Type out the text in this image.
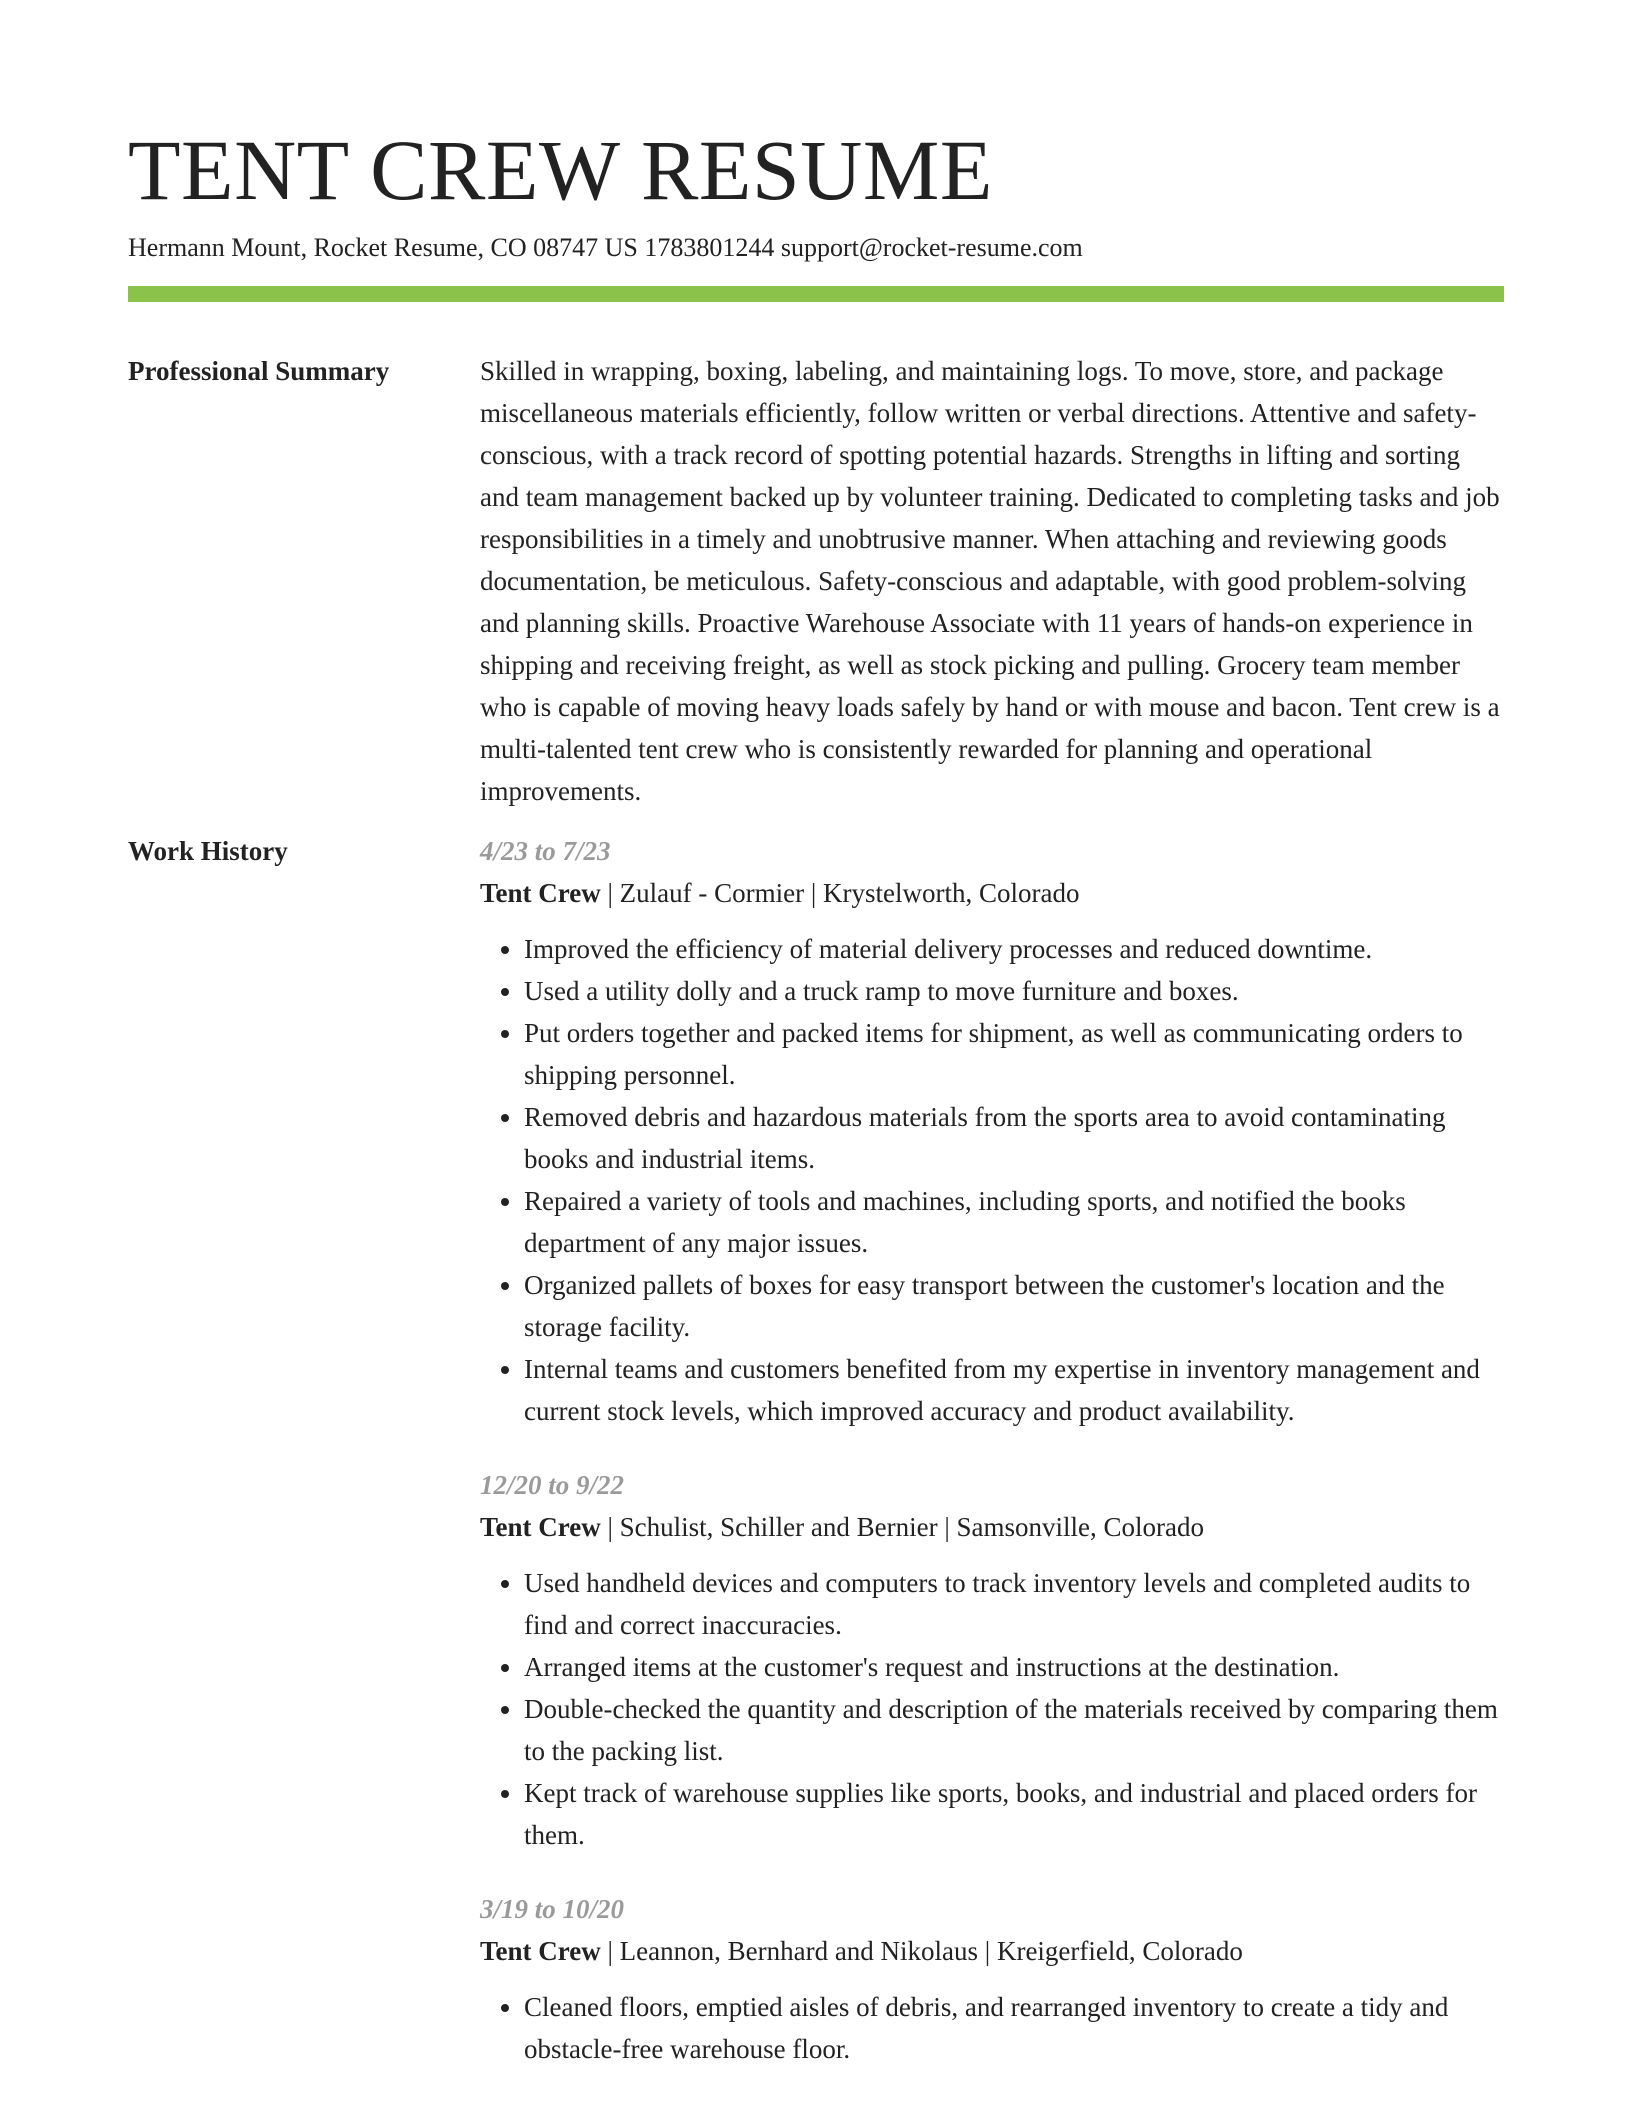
TENT CREW RESUME
Hermann Mount, Rocket Resume, CO 08747 US 1783801244 support@rocket-resume.com
Professional Summary	Skilled in wrapping, boxing, labeling, and maintaining logs. To move, store, and package miscellaneous materials efficiently, follow written or verbal directions. Attentive and safety-conscious, with a track record of spotting potential hazards. Strengths in lifting and sorting and team management backed up by volunteer training. Dedicated to completing tasks and job responsibilities in a timely and unobtrusive manner. When attaching and reviewing goods documentation, be meticulous. Safety-conscious and adaptable, with good problem-solving and planning skills. Proactive Warehouse Associate with 11 years of hands-on experience in shipping and receiving freight, as well as stock picking and pulling. Grocery team member who is capable of moving heavy loads safely by hand or with mouse and bacon. Tent crew is a multi-talented tent crew who is consistently rewarded for planning and operational improvements.

Work History	4/23 to 7/23
Tent Crew | Zulauf - Cormier | Krystelworth, Colorado
• Improved the efficiency of material delivery processes and reduced downtime.
• Used a utility dolly and a truck ramp to move furniture and boxes.
• Put orders together and packed items for shipment, as well as communicating orders to shipping personnel.
• Removed debris and hazardous materials from the sports area to avoid contaminating books and industrial items.
• Repaired a variety of tools and machines, including sports, and notified the books department of any major issues.
• Organized pallets of boxes for easy transport between the customer's location and the storage facility.
• Internal teams and customers benefited from my expertise in inventory management and current stock levels, which improved accuracy and product availability.
12/20 to 9/22
Tent Crew | Schulist, Schiller and Bernier | Samsonville, Colorado
• Used handheld devices and computers to track inventory levels and completed audits to find and correct inaccuracies.
• Arranged items at the customer's request and instructions at the destination.
• Double-checked the quantity and description of the materials received by comparing them to the packing list.
• Kept track of warehouse supplies like sports, books, and industrial and placed orders for them.
3/19 to 10/20
Tent Crew | Leannon, Bernhard and Nikolaus | Kreigerfield, Colorado
• Cleaned floors, emptied aisles of debris, and rearranged inventory to create a tidy and obstacle-free warehouse floor.
